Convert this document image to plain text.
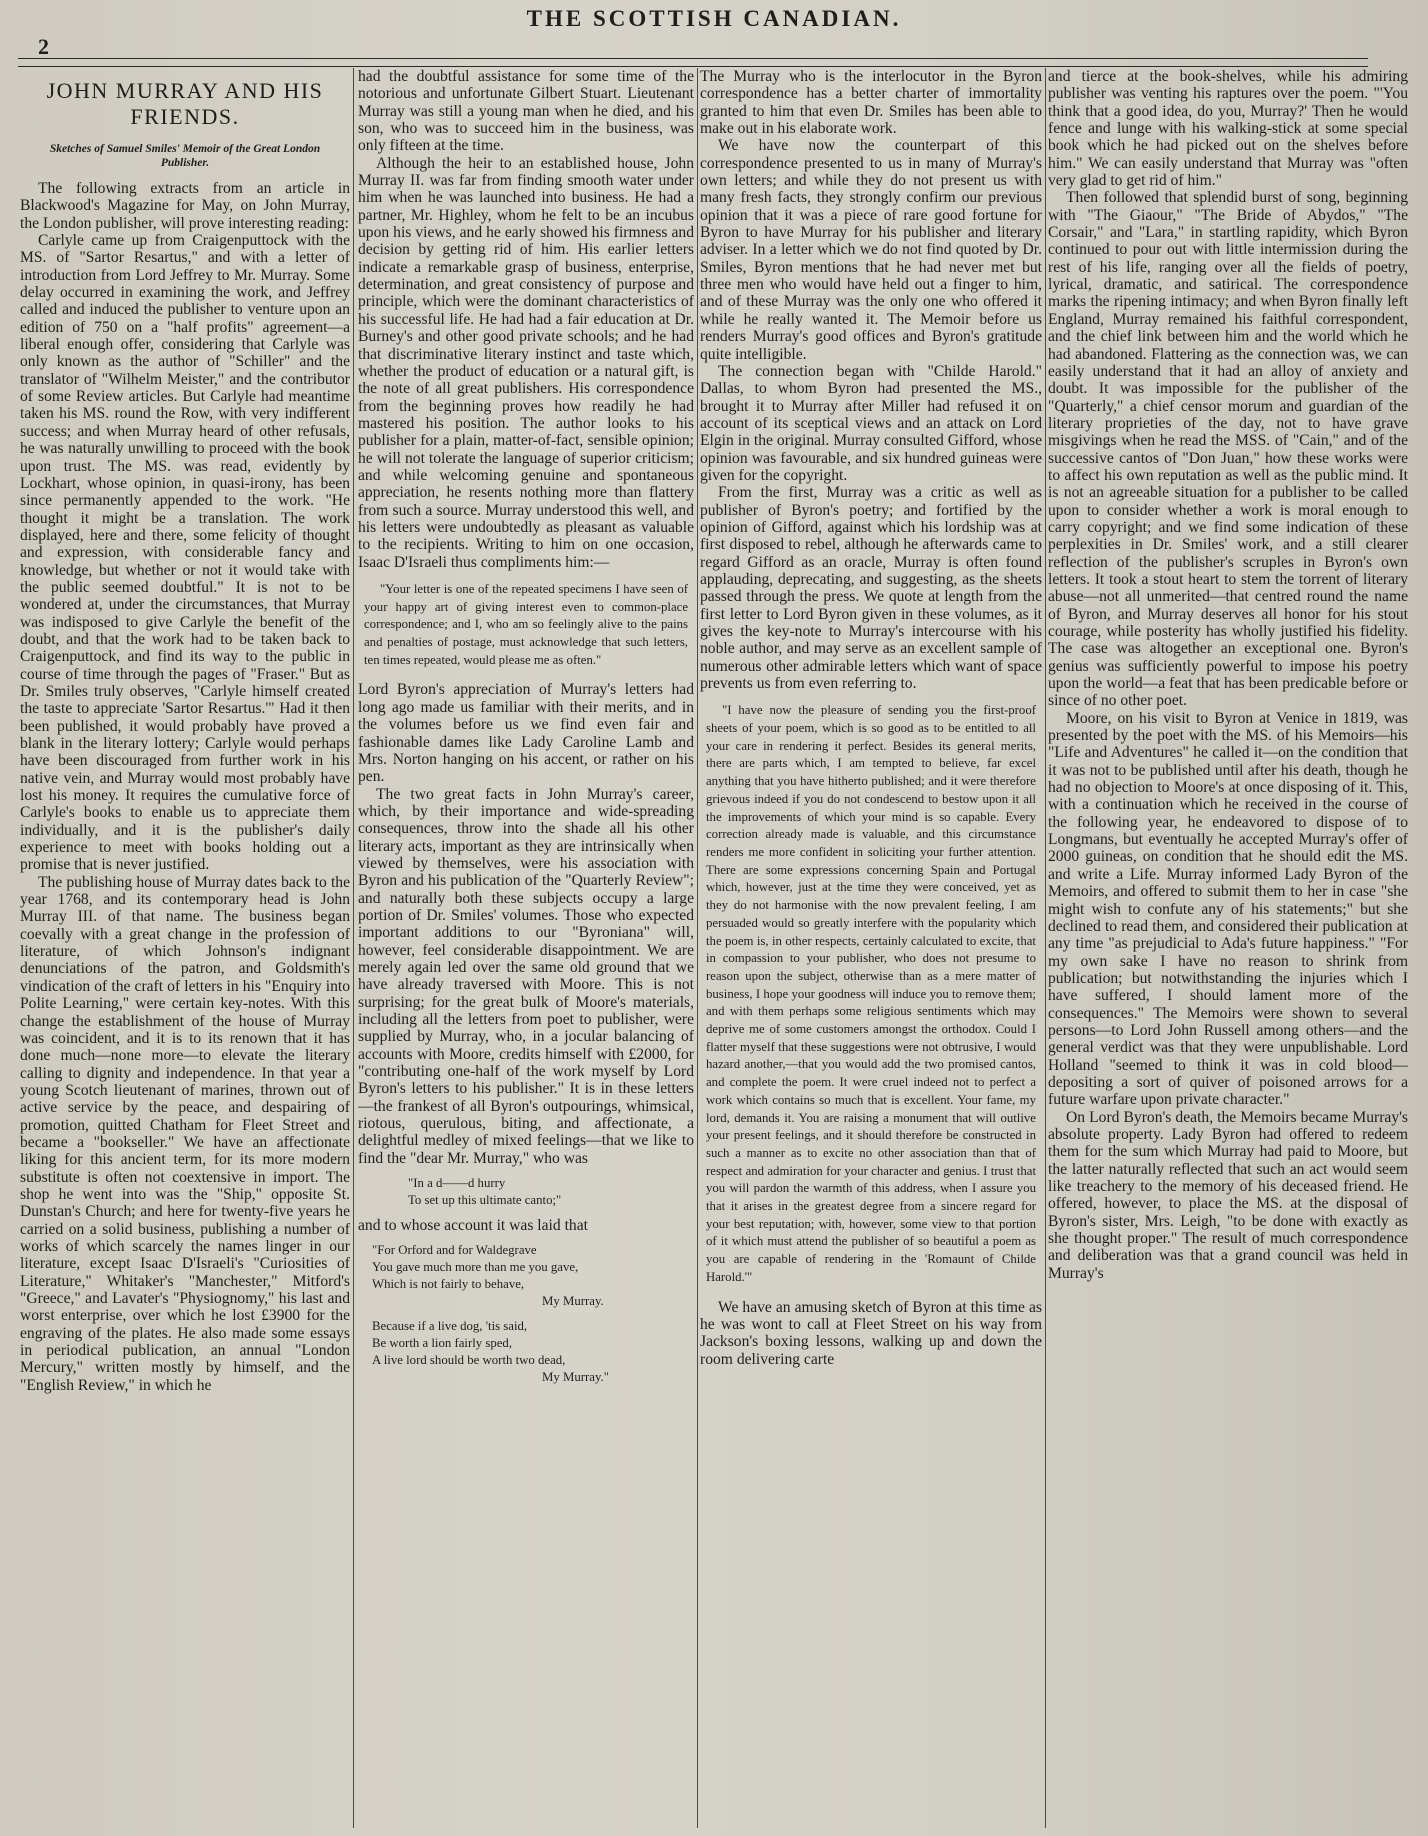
THE SCOTTISH CANADIAN.
2
JOHN MURRAY AND HIS FRIENDS.
Sketches of Samuel Smiles' Memoir of the Great London Publisher.

The following extracts from an article in Blackwood's Magazine for May, on John Murray, the London publisher, will prove interesting reading:

Carlyle came up from Craigenputtock with the MS. of "Sartor Resartus," and with a letter of introduction from Lord Jeffrey to Mr. Murray. Some delay occurred in examining the work, and Jeffrey called and induced the publisher to venture upon an edition of 750 on a "half profits" agreement—a liberal enough offer, considering that Carlyle was only known as the author of "Schiller" and the translator of "Wilhelm Meister," and the contributor of some Review articles. But Carlyle had meantime taken his MS. round the Row, with very indifferent success; and when Murray heard of other refusals, he was naturally unwilling to proceed with the book upon trust. The MS. was read, evidently by Lockhart, whose opinion, in quasi-irony, has been since permanently appended to the work. "He thought it might be a translation. The work displayed, here and there, some felicity of thought and expression, with considerable fancy and knowledge, but whether or not it would take with the public seemed doubtful." It is not to be wondered at, under the circumstances, that Murray was indisposed to give Carlyle the benefit of the doubt, and that the work had to be taken back to Craigenputtock, and find its way to the public in course of time through the pages of "Fraser." But as Dr. Smiles truly observes, "Carlyle himself created the taste to appreciate 'Sartor Resartus.'" Had it then been published, it would probably have proved a blank in the literary lottery; Carlyle would perhaps have been discouraged from further work in his native vein, and Murray would most probably have lost his money. It requires the cumulative force of Carlyle's books to enable us to appreciate them individually, and it is the publisher's daily experience to meet with books holding out a promise that is never justified.

The publishing house of Murray dates back to the year 1768, and its contemporary head is John Murray III. of that name. The business began coevally with a great change in the profession of literature, of which Johnson's indignant denunciations of the patron, and Goldsmith's vindication of the craft of letters in his "Enquiry into Polite Learning," were certain key-notes. With this change the establishment of the house of Murray was coincident, and it is to its renown that it has done much—none more—to elevate the literary calling to dignity and independence. In that year a young Scotch lieutenant of marines, thrown out of active service by the peace, and despairing of promotion, quitted Chatham for Fleet Street and became a "bookseller." We have an affectionate liking for this ancient term, for its more modern substitute is often not coextensive in import. The shop he went into was the "Ship," opposite St. Dunstan's Church; and here for twenty-five years he carried on a solid business, publishing a number of works of which scarcely the names linger in our literature, except Isaac D'Israeli's "Curiosities of Literature," Whitaker's "Manchester," Mitford's "Greece," and Lavater's "Physiognomy," his last and worst enterprise, over which he lost £3900 for the engraving of the plates. He also made some essays in periodical publication, an annual "London Mercury," written mostly by himself, and the "English Review," in which he

had the doubtful assistance for some time of the notorious and unfortunate Gilbert Stuart. Lieutenant Murray was still a young man when he died, and his son, who was to succeed him in the business, was only fifteen at the time.

Although the heir to an established house, John Murray II. was far from finding smooth water under him when he was launched into business. He had a partner, Mr. Highley, whom he felt to be an incubus upon his views, and he early showed his firmness and decision by getting rid of him. His earlier letters indicate a remarkable grasp of business, enterprise, determination, and great consistency of purpose and principle, which were the dominant characteristics of his successful life. He had had a fair education at Dr. Burney's and other good private schools; and he had that discriminative literary instinct and taste which, whether the product of education or a natural gift, is the note of all great publishers. His correspondence from the beginning proves how readily he had mastered his position. The author looks to his publisher for a plain, matter-of-fact, sensible opinion; he will not tolerate the language of superior criticism; and while welcoming genuine and spontaneous appreciation, he resents nothing more than flattery from such a source. Murray understood this well, and his letters were undoubtedly as pleasant as valuable to the recipients. Writing to him on one occasion, Isaac D'Israeli thus compliments him:—

"Your letter is one of the repeated specimens I have seen of your happy art of giving interest even to common-place correspondence; and I, who am so feelingly alive to the pains and penalties of postage, must acknowledge that such letters, ten times repeated, would please me as often."

Lord Byron's appreciation of Murray's letters had long ago made us familiar with their merits, and in the volumes before us we find even fair and fashionable dames like Lady Caroline Lamb and Mrs. Norton hanging on his accent, or rather on his pen.

The two great facts in John Murray's career, which, by their importance and wide-spreading consequences, throw into the shade all his other literary acts, important as they are intrinsically when viewed by themselves, were his association with Byron and his publication of the "Quarterly Review"; and naturally both these subjects occupy a large portion of Dr. Smiles' volumes. Those who expected important additions to our "Byroniana" will, however, feel considerable disappointment. We are merely again led over the same old ground that we have already traversed with Moore. This is not surprising; for the great bulk of Moore's materials, including all the letters from poet to publisher, were supplied by Murray, who, in a jocular balancing of accounts with Moore, credits himself with £2000, for "contributing one-half of the work myself by Lord Byron's letters to his publisher." It is in these letters—the frankest of all Byron's outpourings, whimsical, riotous, querulous, biting, and affectionate, a delightful medley of mixed feelings—that we like to find the "dear Mr. Murray," who was

"In a d——d hurry
To set up this ultimate canto;"

and to whose account it was laid that

"For Orford and for Waldegrave
You gave much more than me you gave,
Which is not fairly to behave,
My Murray.
Because if a live dog, 'tis said,
Be worth a lion fairly sped,
A live lord should be worth two dead,
My Murray."

The Murray who is the interlocutor in the Byron correspondence has a better charter of immortality granted to him that even Dr. Smiles has been able to make out in his elaborate work.

We have now the counterpart of this correspondence presented to us in many of Murray's own letters; and while they do not present us with many fresh facts, they strongly confirm our previous opinion that it was a piece of rare good fortune for Byron to have Murray for his publisher and literary adviser. In a letter which we do not find quoted by Dr. Smiles, Byron mentions that he had never met but three men who would have held out a finger to him, and of these Murray was the only one who offered it while he really wanted it. The Memoir before us renders Murray's good offices and Byron's gratitude quite intelligible.

The connection began with "Childe Harold." Dallas, to whom Byron had presented the MS., brought it to Murray after Miller had refused it on account of its sceptical views and an attack on Lord Elgin in the original. Murray consulted Gifford, whose opinion was favourable, and six hundred guineas were given for the copyright.

From the first, Murray was a critic as well as publisher of Byron's poetry; and fortified by the opinion of Gifford, against which his lordship was at first disposed to rebel, although he afterwards came to regard Gifford as an oracle, Murray is often found applauding, deprecating, and suggesting, as the sheets passed through the press. We quote at length from the first letter to Lord Byron given in these volumes, as it gives the key-note to Murray's intercourse with his noble author, and may serve as an excellent sample of numerous other admirable letters which want of space prevents us from even referring to.

"I have now the pleasure of sending you the first-proof sheets of your poem, which is so good as to be entitled to all your care in rendering it perfect. Besides its general merits, there are parts which, I am tempted to believe, far excel anything that you have hitherto published; and it were therefore grievous indeed if you do not condescend to bestow upon it all the improvements of which your mind is so capable. Every correction already made is valuable, and this circumstance renders me more confident in soliciting your further attention. There are some expressions concerning Spain and Portugal which, however, just at the time they were conceived, yet as they do not harmonise with the now prevalent feeling, I am persuaded would so greatly interfere with the popularity which the poem is, in other respects, certainly calculated to excite, that in compassion to your publisher, who does not presume to reason upon the subject, otherwise than as a mere matter of business, I hope your goodness will induce you to remove them; and with them perhaps some religious sentiments which may deprive me of some customers amongst the orthodox. Could I flatter myself that these suggestions were not obtrusive, I would hazard another,—that you would add the two promised cantos, and complete the poem. It were cruel indeed not to perfect a work which contains so much that is excellent. Your fame, my lord, demands it. You are raising a monument that will outlive your present feelings, and it should therefore be constructed in such a manner as to excite no other association than that of respect and admiration for your character and genius. I trust that you will pardon the warmth of this address, when I assure you that it arises in the greatest degree from a sincere regard for your best reputation; with, however, some view to that portion of it which must attend the publisher of so beautiful a poem as you are capable of rendering in the 'Romaunt of Childe Harold.'"

We have an amusing sketch of Byron at this time as he was wont to call at Fleet Street on his way from Jackson's boxing lessons, walking up and down the room delivering carte

and tierce at the book-shelves, while his admiring publisher was venting his raptures over the poem. "'You think that a good idea, do you, Murray?' Then he would fence and lunge with his walking-stick at some special book which he had picked out on the shelves before him." We can easily understand that Murray was "often very glad to get rid of him."

Then followed that splendid burst of song, beginning with "The Giaour," "The Bride of Abydos," "The Corsair," and "Lara," in startling rapidity, which Byron continued to pour out with little intermission during the rest of his life, ranging over all the fields of poetry, lyrical, dramatic, and satirical. The correspondence marks the ripening intimacy; and when Byron finally left England, Murray remained his faithful correspondent, and the chief link between him and the world which he had abandoned. Flattering as the connection was, we can easily understand that it had an alloy of anxiety and doubt. It was impossible for the publisher of the "Quarterly," a chief censor morum and guardian of the literary proprieties of the day, not to have grave misgivings when he read the MSS. of "Cain," and of the successive cantos of "Don Juan," how these works were to affect his own reputation as well as the public mind. It is not an agreeable situation for a publisher to be called upon to consider whether a work is moral enough to carry copyright; and we find some indication of these perplexities in Dr. Smiles' work, and a still clearer reflection of the publisher's scruples in Byron's own letters. It took a stout heart to stem the torrent of literary abuse—not all unmerited—that centred round the name of Byron, and Murray deserves all honor for his stout courage, while posterity has wholly justified his fidelity. The case was altogether an exceptional one. Byron's genius was sufficiently powerful to impose his poetry upon the world—a feat that has been predicable before or since of no other poet.

Moore, on his visit to Byron at Venice in 1819, was presented by the poet with the MS. of his Memoirs—his "Life and Adventures" he called it—on the condition that it was not to be published until after his death, though he had no objection to Moore's at once disposing of it. This, with a continuation which he received in the course of the following year, he endeavored to dispose of to Longmans, but eventually he accepted Murray's offer of 2000 guineas, on condition that he should edit the MS. and write a Life. Murray informed Lady Byron of the Memoirs, and offered to submit them to her in case "she might wish to confute any of his statements;" but she declined to read them, and considered their publication at any time "as prejudicial to Ada's future happiness." "For my own sake I have no reason to shrink from publication; but notwithstanding the injuries which I have suffered, I should lament more of the consequences." The Memoirs were shown to several persons—to Lord John Russell among others—and the general verdict was that they were unpublishable. Lord Holland "seemed to think it was in cold blood—depositing a sort of quiver of poisoned arrows for a future warfare upon private character."

On Lord Byron's death, the Memoirs became Murray's absolute property. Lady Byron had offered to redeem them for the sum which Murray had paid to Moore, but the latter naturally reflected that such an act would seem like treachery to the memory of his deceased friend. He offered, however, to place the MS. at the disposal of Byron's sister, Mrs. Leigh, "to be done with exactly as she thought proper." The result of much correspondence and deliberation was that a grand council was held in Murray's
